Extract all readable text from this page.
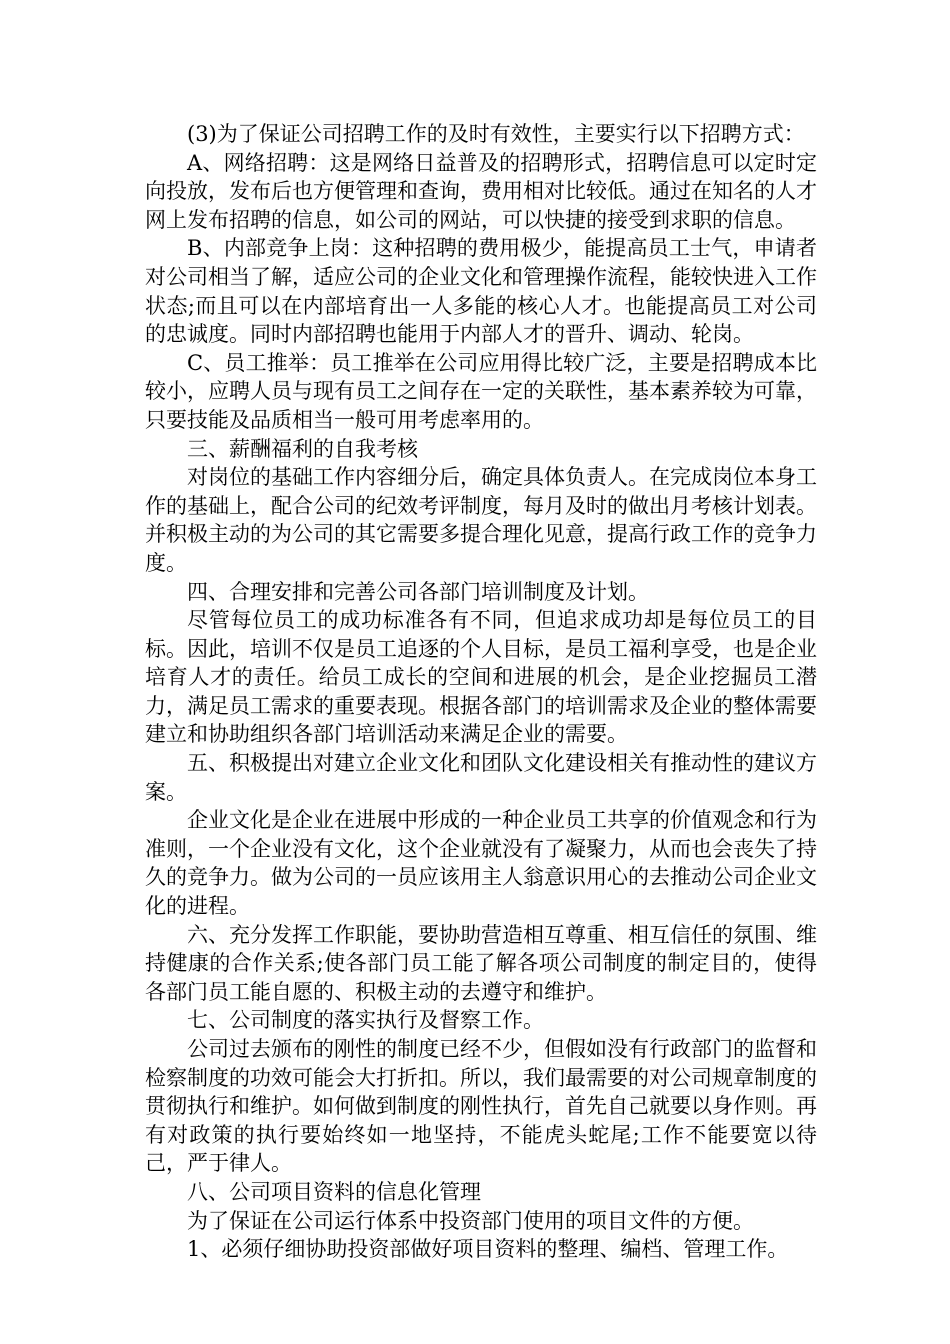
(3)为了保证公司招聘工作的及时有效性，主要实行以下招聘方式：

A、网络招聘：这是网络日益普及的招聘形式，招聘信息可以定时定向投放，发布后也方便管理和查询，费用相对比较低。通过在知名的人才网上发布招聘的信息，如公司的网站，可以快捷的接受到求职的信息。

B、内部竞争上岗：这种招聘的费用极少，能提高员工士气，申请者对公司相当了解，适应公司的企业文化和管理操作流程，能较快进入工作状态;而且可以在内部培育出一人多能的核心人才。也能提高员工对公司的忠诚度。同时内部招聘也能用于内部人才的晋升、调动、轮岗。

C、员工推举：员工推举在公司应用得比较广泛，主要是招聘成本比较小，应聘人员与现有员工之间存在一定的关联性，基本素养较为可靠，只要技能及品质相当一般可用考虑率用的。

三、薪酬福利的自我考核

对岗位的基础工作内容细分后，确定具体负责人。在完成岗位本身工作的基础上，配合公司的纪效考评制度，每月及时的做出月考核计划表。并积极主动的为公司的其它需要多提合理化见意，提高行政工作的竞争力度。

四、合理安排和完善公司各部门培训制度及计划。

尽管每位员工的成功标准各有不同，但追求成功却是每位员工的目标。因此，培训不仅是员工追逐的个人目标，是员工福利享受，也是企业培育人才的责任。给员工成长的空间和进展的机会，是企业挖掘员工潜力，满足员工需求的重要表现。根据各部门的培训需求及企业的整体需要建立和协助组织各部门培训活动来满足企业的需要。

五、积极提出对建立企业文化和团队文化建设相关有推动性的建议方案。

企业文化是企业在进展中形成的一种企业员工共享的价值观念和行为准则，一个企业没有文化，这个企业就没有了凝聚力，从而也会丧失了持久的竞争力。做为公司的一员应该用主人翁意识用心的去推动公司企业文化的进程。

六、充分发挥工作职能，要协助营造相互尊重、相互信任的氛围、维持健康的合作关系;使各部门员工能了解各项公司制度的制定目的，使得各部门员工能自愿的、积极主动的去遵守和维护。

七、公司制度的落实执行及督察工作。

公司过去颁布的刚性的制度已经不少，但假如没有行政部门的监督和检察制度的功效可能会大打折扣。所以，我们最需要的对公司规章制度的贯彻执行和维护。如何做到制度的刚性执行，首先自己就要以身作则。再有对政策的执行要始终如一地坚持，不能虎头蛇尾;工作不能要宽以待己，严于律人。

八、公司项目资料的信息化管理

为了保证在公司运行体系中投资部门使用的项目文件的方便。

1、必须仔细协助投资部做好项目资料的整理、编档、管理工作。
